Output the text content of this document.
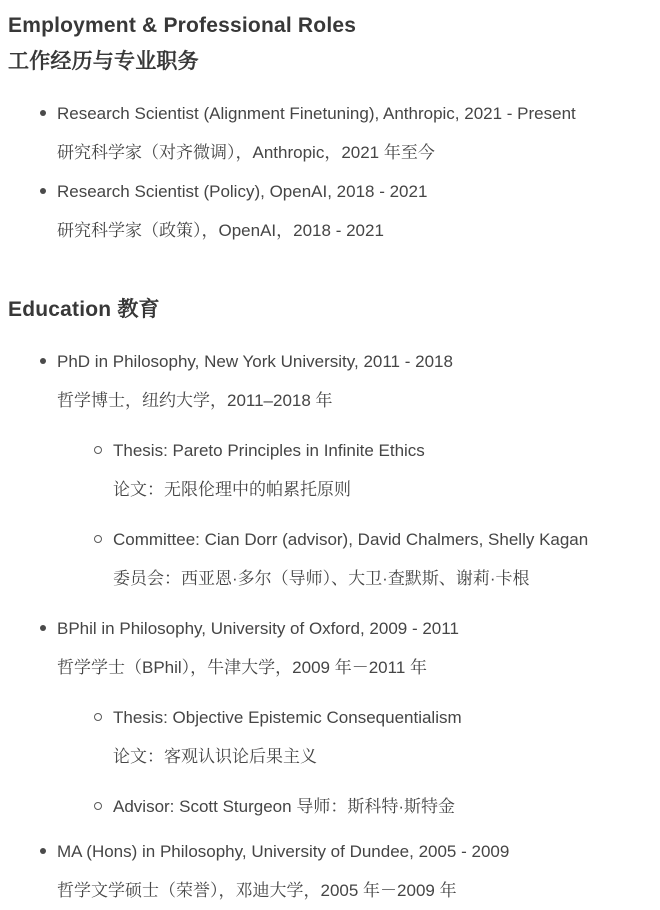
Employment & Professional Roles
工作经历与专业职务
Research Scientist (Alignment Finetuning), Anthropic, 2021 - Present
研究科学家（对齐微调），Anthropic，2021 年至今
Research Scientist (Policy), OpenAI, 2018 - 2021
研究科学家（政策），OpenAI，2018 - 2021
Education 教育
PhD in Philosophy, New York University, 2011 - 2018
哲学博士，纽约大学，2011–2018 年
Thesis: Pareto Principles in Infinite Ethics
论文：无限伦理中的帕累托原则
Committee: Cian Dorr (advisor), David Chalmers, Shelly Kagan
委员会：西亚恩·多尔（导师）、大卫·查默斯、谢莉·卡根
BPhil in Philosophy, University of Oxford, 2009 - 2011
哲学学士（BPhil），牛津大学，2009 年－2011 年
Thesis: Objective Epistemic Consequentialism
论文：客观认识论后果主义
Advisor: Scott Sturgeon 导师：斯科特·斯特金
MA (Hons) in Philosophy, University of Dundee, 2005 - 2009
哲学文学硕士（荣誉），邓迪大学，2005 年－2009 年
